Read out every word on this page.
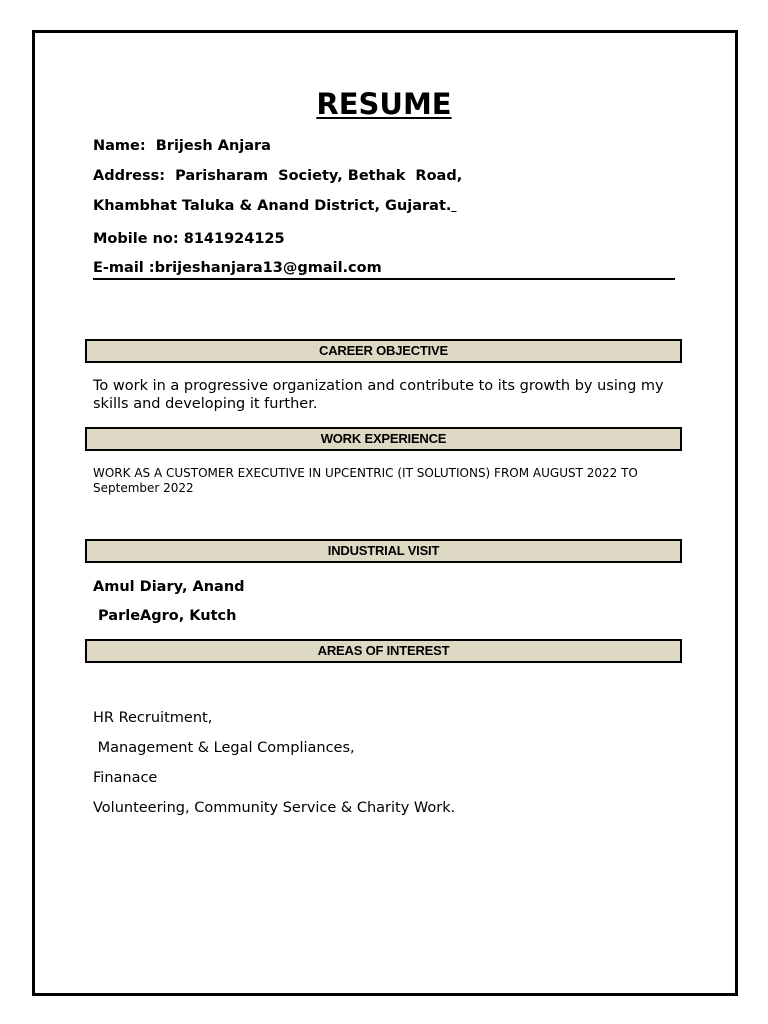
RESUME
Name:  Brijesh Anjara
Address:  Parisharam  Society, Bethak  Road,
Khambhat Taluka & Anand District, Gujarat.
Mobile no: 8141924125
E-mail :brijeshanjara13@gmail.com
CAREER OBJECTIVE
To work in a progressive organization and contribute to its growth by using my skills and developing it further.
WORK EXPERIENCE
WORK AS A CUSTOMER EXECUTIVE IN UPCENTRIC (IT SOLUTIONS) FROM AUGUST 2022 TO September 2022
INDUSTRIAL VISIT
Amul Diary, Anand
ParleAgro, Kutch
AREAS OF INTEREST
HR Recruitment,
Management & Legal Compliances,
Finanace
Volunteering, Community Service & Charity Work.
